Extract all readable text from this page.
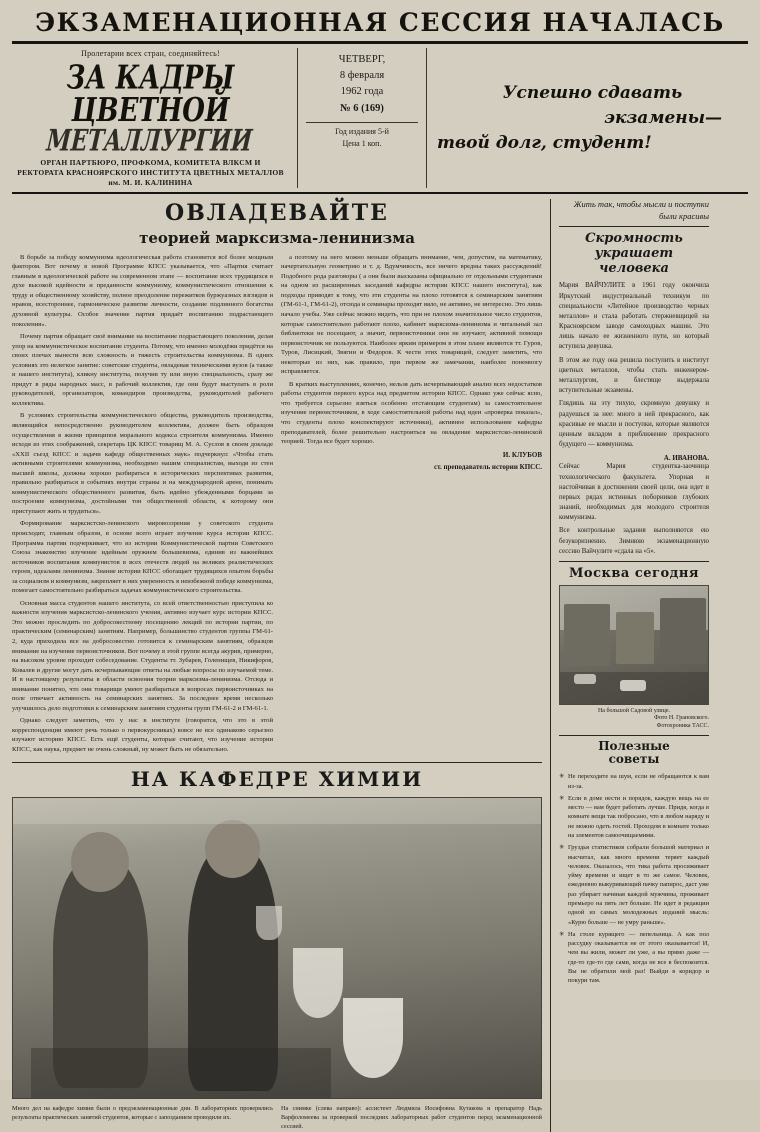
ЭКЗАМЕНАЦИОННАЯ СЕССИЯ НАЧАЛАСЬ
Пролетарии всех стран, соединяйтесь!
ЗА КАДРЫ ЦВЕТНОЙ
МЕТАЛЛУРГИИ
ОРГАН ПАРТБЮРО, ПРОФКОМА, КОМИТЕТА ВЛКСМ И РЕКТОРАТА КРАСНОЯРСКОГО ИНСТИТУТА ЦВЕТНЫХ МЕТАЛЛОВ им. М. И. КАЛИНИНА
ЧЕТВЕРГ,
8 февраля
1962 года
№ 6 (169)
Год издания 5-й
Цена 1 коп.
Успешно сдавать
экзамены—
твой долг, студент!
ОВЛАДЕВАЙТЕ
теорией марксизма-ленинизма

В борьбе за победу коммунизма идеологическая работа становится всё более мощным фактором. Вот почему в новой Программе КПСС указывается, что «Партия считает главным в идеологической работе на современном этапе — воспитание всех трудящихся в духе высокой идейности и преданности коммунизму, коммунистического отношения к труду и общественному хозяйству, полное преодоление пережитков буржуазных взглядов и нравов, всестороннее, гармоническое развитие личности, создание подлинного богатства духовной культуры. Особое значение партия придаёт воспитанию подрастающего поколения».

Почему партия обращает своё внимание на воспитание подрастающего поколения, делая упор на коммунистическое воспитание студента. Потому, что именно молодёжи придётся на своих плечах вынести всю сложность и тяжесть строительства коммунизма. В одних условиях это нелегкое занятие: советские студенты, овладевая техническими вузов (а также и нашего института), кликну институты, получив ту или иную специальность, сразу же придут в ряды народных масс, в рабочий коллектив, где они будут выступать в роли руководителей, организаторов, командиров производства, руководителей рабочего коллектива.

В условиях строительства коммунистического общества, руководитель производства, являющийся непосредственно руководителем коллектива, должен быть образцом осуществления в жизни принципов морального кодекса строителя коммунизма. Именно исходя из этих соображений, секретарь ЦК КПСС товарищ М. А. Суслов в своем докладе «XXII съезд КПСС и задачи кафедр общественных наук» подчеркнул: «Чтобы стать активными строителями коммунизма, необходимо нашим специалистам, выходя из стен высшей школы, должны хорошо разбираться в исторических перспективах развития, правильно разбираться в событиях внутри страны и на международной арене, понимать коммунистического общественного развития, быть идейно убежденными борцами за построение коммунизма, достойными тон общественной области, к которому они приступают жить и трудиться».

Формирование марксистско-ленинского мировоззрения у советского студента происходит, главным образом, в основе всего играет изучение курса истории КПСС. Программа партии подчеркивает, что из истории Коммунистической партии Советского Союза знакомство изучение идейным оружием большевизма, единив из важнейших источников воспитания коммунистов в всех отечеств людей на великих реалистических героев, идеалами ленинизма. Знание истории КПСС обогащает трудящихся опытом борьбы за социализм и коммунизм, закрепляет в них уверенность в неизбежной победе коммунизма, помогает самостоятельно разбираться задачах коммунистического строительства.

Основная масса студентов нашего института, со всей ответственностью приступила ко важности изучения марксистско-ленинского учения, активно изучает курс истории КПСС. Это можно проследить по добросовестному посещению лекций по истории партии, по практическим (семинарским) занятиям. Например, большинство студентов группы ГМ-61-2, куда приходила все на добросовестно готовится к семинарским занятиям, образцов внимание на изучение первоисточников. Вот почему в этой группе всегда акурив, примерно, на высоком уровне проходит собеседование. Студенты тт. Зубарев, Голенищев, Никифоров, Ковалев и другие могут дать исчерпывающие ответы на любые вопросы по изучаемой теме. И в настоящему результаты в области освоения теории марксизма-ленинизма. Отсюда и внимание понятно, что они товарищи умеют разбираться в вопросах первоисточниках на поле отвечает активность на семинарских занятиях. За последнее время несколько улучшилось дело подготовки к семинарским занятиям студенты групп ГМ-61-2 и ГМ-61-1.

Однако следует заметить, что у нас в институте (говорится, что это в этой корреспонденции имеют речь только о первокурсниках) вовсе не все одинаково серьезно изучают историю КПСС. Есть ещё студенты, которые считают, что изучение истории КПСС, как наука, предмет не очень сложный, ну может быть не обязательно.

а поэтому на него можно меньше обращать внимание, чем, допустим, на математику, начертательную геометрию и т. д. Вдумчивость, все ничего вредны таких рассуждений! Подобного рода разговоры ( а они были высказаны официально от отдельными студентами на одном из расширенных заседаний кафедры истории КПСС нашего института), как подходы приводят к тому, что эти студенты на плохо готовятся к семинарским занятиям (ГМ-61-1, ГМ-61-2), отсюда и семинары проходят вяло, не активно, не интересно. Это лишь начало учебы. Уже сейчас можно видеть, что при не плохом значительное число студентов, которые самостоятельно работают плохо, кабинет марксизма-ленинизма и читальный зал библиотеки не посещают, а значит, первоисточники они не изучают, активной помощи первоисточник не пользуются. Наиболее ярким примером в этом плане являются тт. Гуров, Туров, Лисицкий, Звягин и Федоров. К чести этих товарищей, следует заметить, что некоторые из них, как правило, при первом же замечании, наиболее понемногу исправляется.

В кратких выступлениях, конечно, нельзя дать исчерпывающий анализ всех недостатков работы студентов первого курса над предметом истории КПСС. Однако уже сейчас ясно, что требуется серьезно взяться особенно отстающим студентам) за самостоятельное изучение первоисточников, в ходе самостоятельной работы над идеи «проверка показал», что студенты плохо конспектируют источники), активное использование кафедры преподавателей, более решительно настроиться на овладение марксистско-ленинской теорией. Тогда все будет хорошо.

И. КЛУБОВ
ст. преподаватель истории КПСС.
НА КАФЕДРЕ ХИМИИ
Много дел на кафедре химии были о предэкзаменационные дни. В лабораториях проверялись результаты практических занятий студентов, которые с запозданием проводили их.
На снимке (слева направо): ассистент Людмила Иосифовна Кутакова и препаратор Надь Варфоломеева за проверкой последних лабораторных работ студентов перед экзаменационной сессией.
Жить так, чтобы мысли и поступки были красивы
Скромность украшает человека

Мария ВАЙЧУЛИТЕ в 1961 году окончила Иркутский индустриальный техникум по специальности «Литейное производство черных металлов» и стала работать стержневщицей на Красноярском заводе самоходных машин. Это лишь начало ее жизненного пути, но который вступила девушка.

В этом же году она решила поступить в институт цветных металлов, чтобы стать инженером-металлургом, и блестяще выдержала вступительные экзамены.

Глядишь на эту тихую, скромную девушку и радуешься за нее: много в ней прекрасного, как красивые ее мысли и поступки, которые являются ценным вкладом в приближение прекрасного будущего — коммунизма.

А. ИВАНОВА.

Сейчас Мария студентка-заочница технологического факультета. Упорная и настойчивая в достижении своей цели, она идет в первых рядах истинных поборников глубоких знаний, необходимых для молодого строителя коммунизма.

Все контрольные задания выполняются ею безукоризненно. Зимнюю экзаменационную сессию Вайчулите «сдала на «5».

Москва сегодня
На большой Садовой улице.
Фото Н. Грановского.
Фотохроника ТАСС.
Полезные
советы
✳ Не переходите на шум, если не обращаются к вам из-за.
✳ Если в доме нести и порядок, каждую вещь на ее место — вам будет работать лучше. Придя, когда в комнате вещи так побросано, что в любом наряду и не можно одеть гостей. Проходом в комнате только на элементов самоочищаемими.
✳ Груздья статистиков собрали большой материал и высчитал, как много времени теряет каждый человек. Оказалось, что тика работа просиживает уйму времени и ищет в то же самое. Человек, ежедневно выкуривающий пачку папирос, даст уже раз убирает начиная каждой мужчины, проживает премьеро на пять лет больше. Не идет в редакции одной из самых молодежных изданий мысль: «Курю больше — не умру раньше».
✳ На столе курящего — пепельница. А как пол рассудку оказывается не от этого оказывается! И, чем вы жили, может ли уже, а вы прямо даже — где-то где-то где сами, когда не все в беспокоится. Вы не обратили мой раз! Выйди в коридор и покури там.
